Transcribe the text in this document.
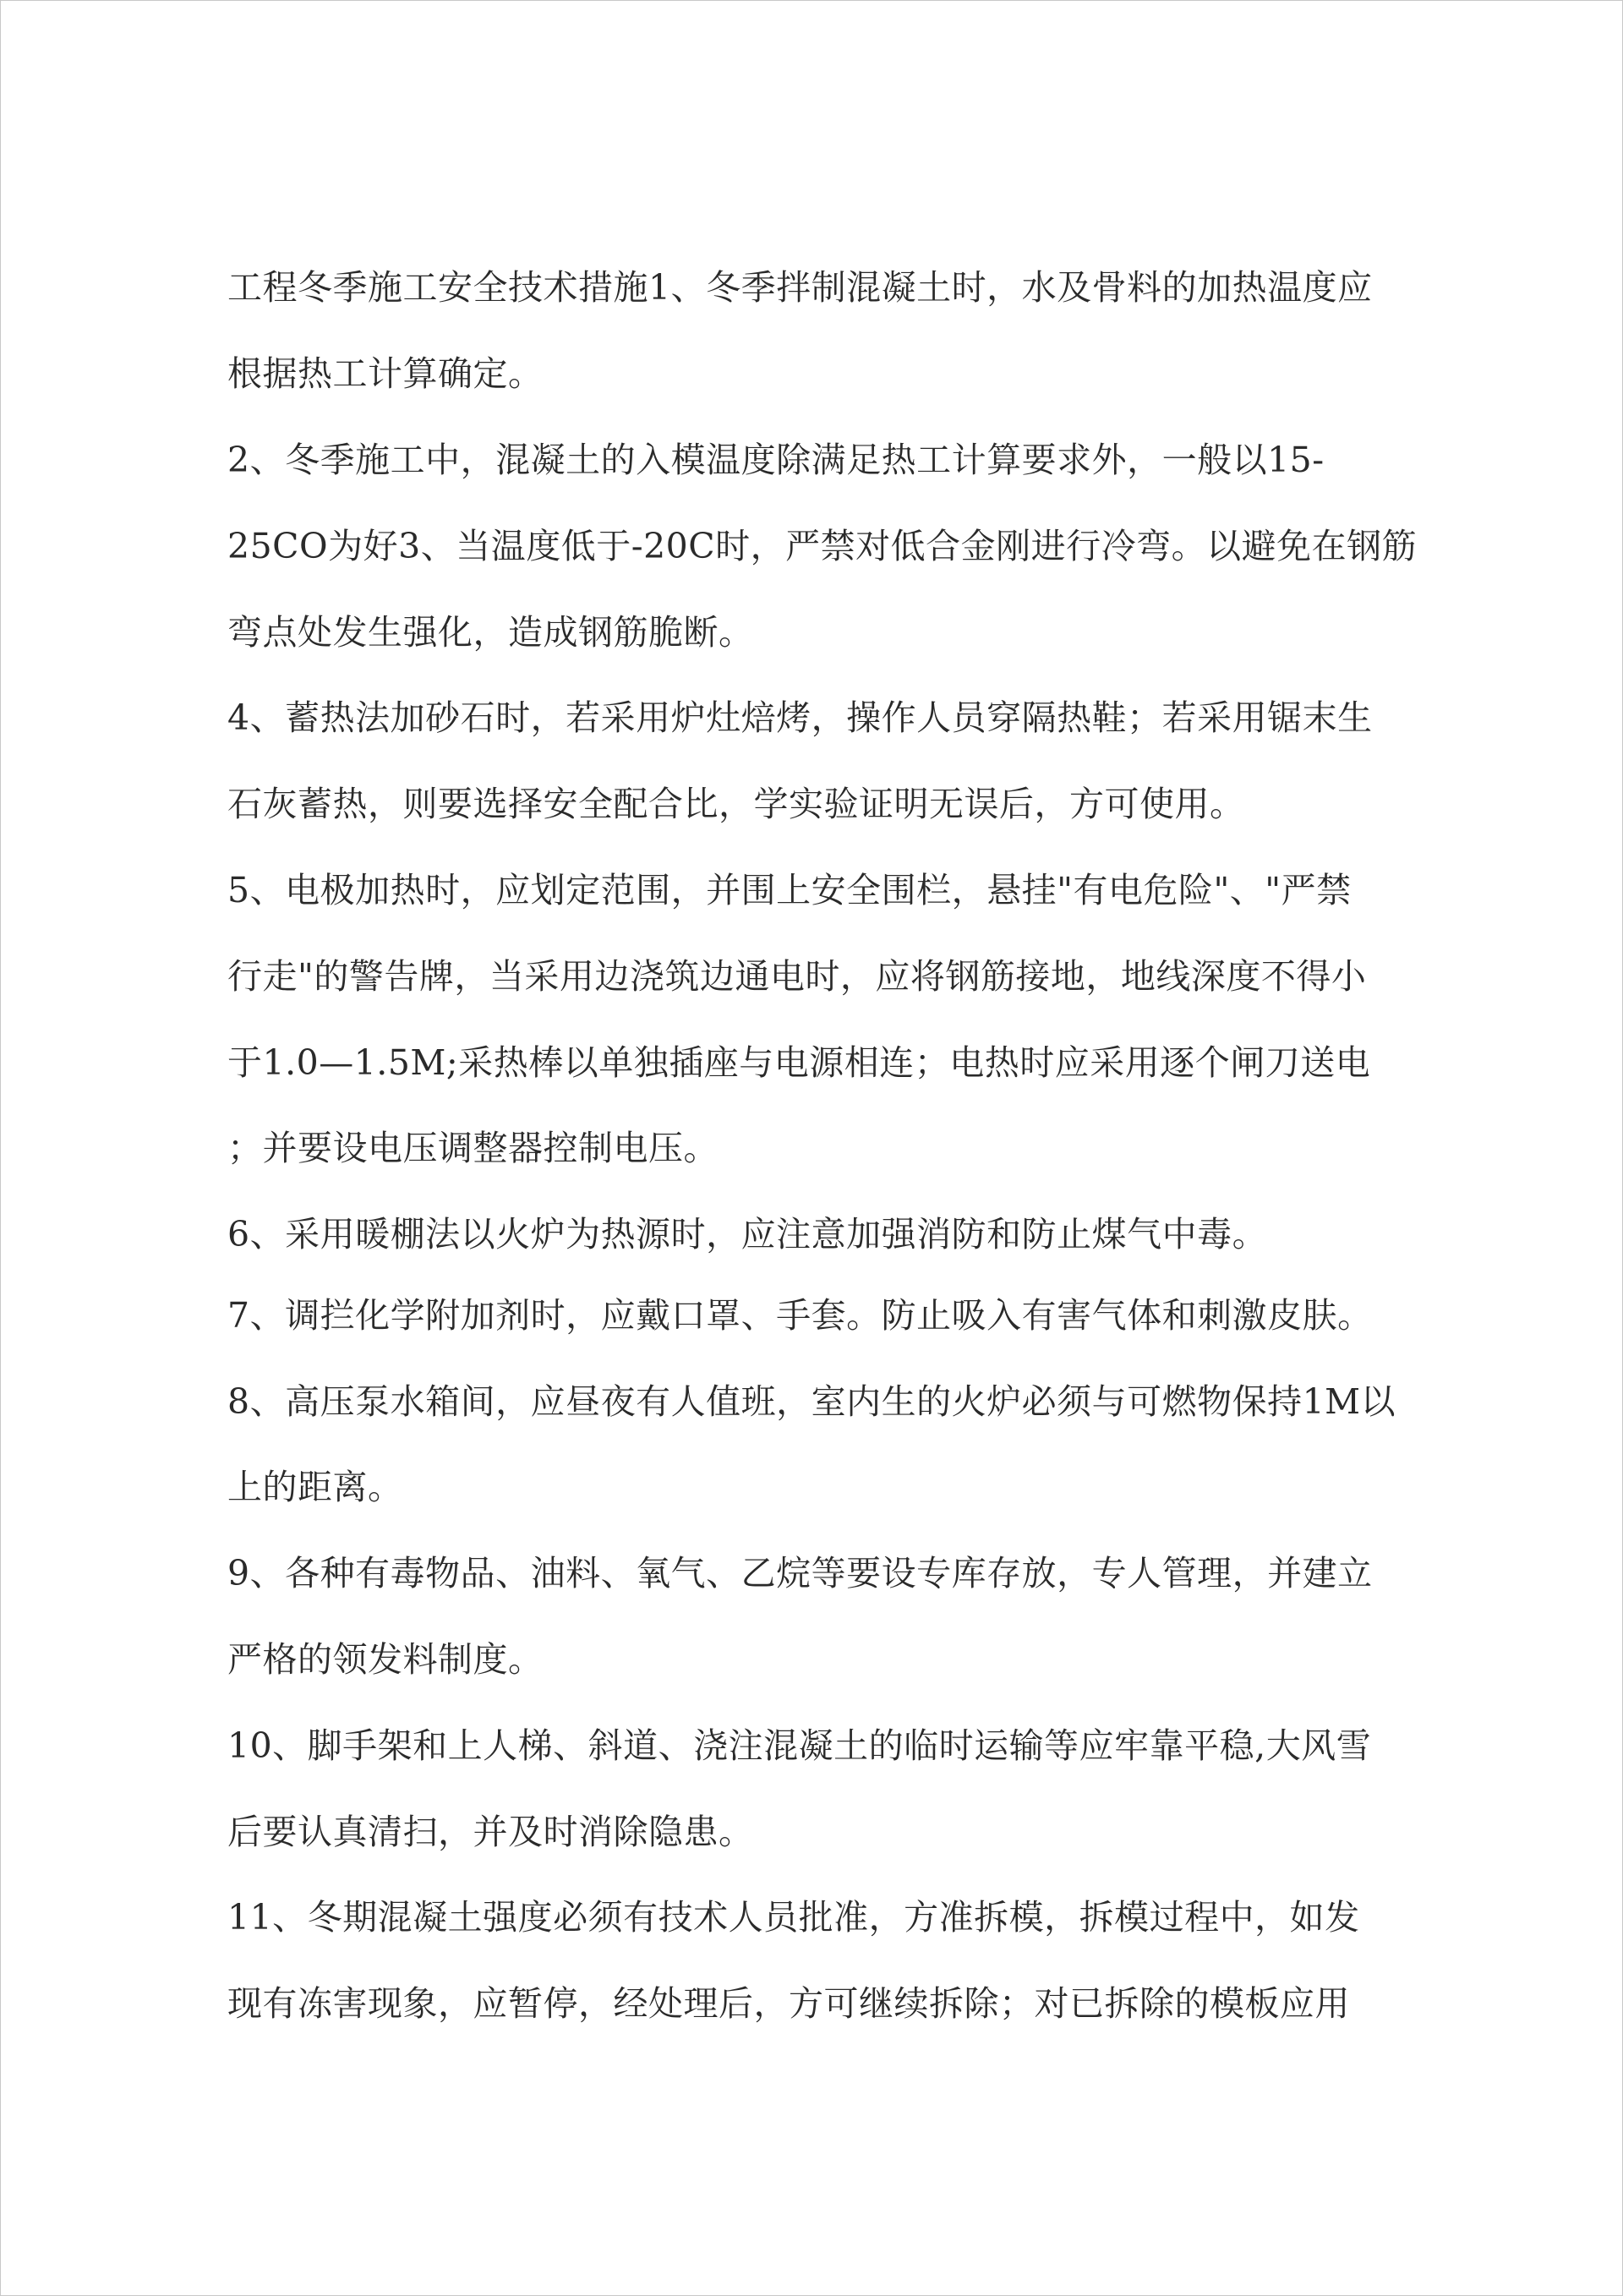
工程冬季施工安全技术措施1、冬季拌制混凝土时，水及骨料的加热温度应
根据热工计算确定。
2、冬季施工中，混凝土的入模温度除满足热工计算要求外，一般以15-
25CO为好3、当温度低于-20C时，严禁对低合金刚进行冷弯。以避免在钢筋
弯点处发生强化，造成钢筋脆断。
4、蓄热法加砂石时，若采用炉灶焙烤，操作人员穿隔热鞋；若采用锯末生
石灰蓄热，则要选择安全配合比，学实验证明无误后，方可使用。
5、电极加热时，应划定范围，并围上安全围栏，悬挂"有电危险"、"严禁
行走"的警告牌，当采用边浇筑边通电时，应将钢筋接地，地线深度不得小
于1.0—1.5M;采热棒以单独插座与电源相连；电热时应采用逐个闸刀送电
；并要设电压调整器控制电压。
6、采用暖棚法以火炉为热源时，应注意加强消防和防止煤气中毒。
7、调拦化学附加剂时，应戴口罩、手套。防止吸入有害气体和刺激皮肤。
8、高压泵水箱间，应昼夜有人值班，室内生的火炉必须与可燃物保持1M以
上的距离。
9、各种有毒物品、油料、氧气、乙烷等要设专库存放，专人管理，并建立
严格的领发料制度。
10、脚手架和上人梯、斜道、浇注混凝土的临时运输等应牢靠平稳,大风雪
后要认真清扫，并及时消除隐患。
11、冬期混凝土强度必须有技术人员批准，方准拆模，拆模过程中，如发
现有冻害现象，应暂停，经处理后，方可继续拆除；对已拆除的模板应用
